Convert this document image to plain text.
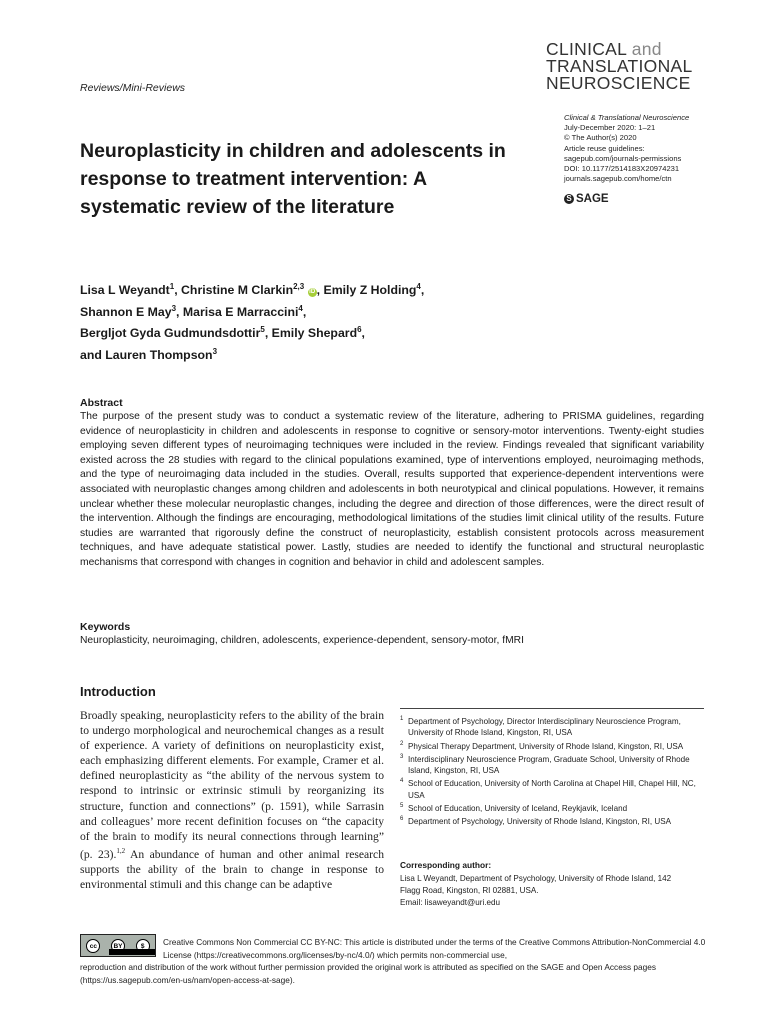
Reviews/Mini-Reviews
CLINICAL and
TRANSLATIONAL
NEUROSCIENCE
Clinical & Translational Neuroscience
July-December 2020: 1–21
© The Author(s) 2020
Article reuse guidelines:
sagepub.com/journals-permissions
DOI: 10.1177/2514183X20974231
journals.sagepub.com/home/ctn
S SAGE
Neuroplasticity in children and adolescents in response to treatment intervention: A systematic review of the literature
Lisa L Weyandt$^1$, Christine M Clarkin$^{2,3}$ iD , Emily Z Holding$^4$,
Shannon E May$^3$, Marisa E Marraccini$^4$,
Bergljot Gyda Gudmundsdottir$^5$, Emily Shepard$^6$,
and Lauren Thompson$^3$
Abstract
The purpose of the present study was to conduct a systematic review of the literature, adhering to PRISMA guidelines, regarding evidence of neuroplasticity in children and adolescents in response to cognitive or sensory-motor interventions. Twenty-eight studies employing seven different types of neuroimaging techniques were included in the review. Findings revealed that significant variability existed across the 28 studies with regard to the clinical populations examined, type of interventions employed, neuroimaging methods, and the type of neuroimaging data included in the studies. Overall, results supported that experience-dependent interventions were associated with neuroplastic changes among children and adolescents in both neurotypical and clinical populations. However, it remains unclear whether these molecular neuroplastic changes, including the degree and direction of those differences, were the direct result of the intervention. Although the findings are encouraging, methodological limitations of the studies limit clinical utility of the results. Future studies are warranted that rigorously define the construct of neuroplasticity, establish consistent protocols across measurement techniques, and have adequate statistical power. Lastly, studies are needed to identify the functional and structural neuroplastic mechanisms that correspond with changes in cognition and behavior in child and adolescent samples.
Keywords
Neuroplasticity, neuroimaging, children, adolescents, experience-dependent, sensory-motor, fMRI
Introduction
Broadly speaking, neuroplasticity refers to the ability of the brain to undergo morphological and neurochemical changes as a result of experience. A variety of definitions on neuroplasticity exist, each emphasizing different elements. For example, Cramer et al. defined neuroplasticity as “the ability of the nervous system to respond to intrinsic or extrinsic stimuli by reorganizing its structure, function and connections” (p. 1591), while Sarrasin and colleagues’ more recent definition focuses on “the capacity of the brain to modify its neural connections through learning” (p. 23).$^{1,2}$ An abundance of human and other animal research supports the ability of the brain to change in response to environmental stimuli and this change can be adaptive
1 Department of Psychology, Director Interdisciplinary Neuroscience Program, University of Rhode Island, Kingston, RI, USA
2 Physical Therapy Department, University of Rhode Island, Kingston, RI, USA
3 Interdisciplinary Neuroscience Program, Graduate School, University of Rhode Island, Kingston, RI, USA
4 School of Education, University of North Carolina at Chapel Hill, Chapel Hill, NC, USA
5 School of Education, University of Iceland, Reykjavik, Iceland
6 Department of Psychology, University of Rhode Island, Kingston, RI, USA
Corresponding author:
Lisa L Weyandt, Department of Psychology, University of Rhode Island, 142
Flagg Road, Kingston, RI 02881, USA.
Email: lisaweyandt@uri.edu
cc	BY	$	Creative Commons Non Commercial CC BY-NC: This article is distributed under the terms of the Creative Commons Attribution-NonCommercial 4.0 License (https://creativecommons.org/licenses/by-nc/4.0/) which permits non-commercial use,
reproduction and distribution of the work without further permission provided the original work is attributed as specified on the SAGE and Open Access pages (https://us.sagepub.com/en-us/nam/open-access-at-sage).
